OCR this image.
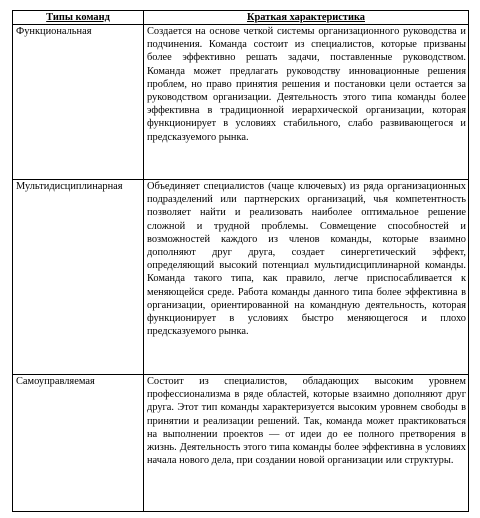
Типы команд	Краткая характеристика
Функциональная	Создается на основе четкой системы организационного руководства и подчинения. Команда состоит из специалистов, которые призваны более эффективно решать задачи, поставленные руководством. Команда может предлагать руководству инновационные решения проблем, но право принятия решения и постановки цели остается за руководством организации. Деятельность этого типа команды более эффективна в традиционной иерархической организации, которая функционирует в условиях стабильного, слабо развивающегося и предсказуемого рынка.
Мультидисциплинарная	Объединяет специалистов (чаще ключевых) из ряда организационных подразделений или партнерских организаций, чья компетентность позволяет найти и реализовать наиболее оптимальное решение сложной и трудной проблемы. Совмещение способностей и возможностей каждого из членов команды, которые взаимно дополняют друг друга, создает синергетический эффект, определяющий высокий потенциал мультидисциплинарной команды. Команда такого типа, как правило, легче приспосабливается к меняющейся среде. Работа команды данного типа более эффективна в организации, ориентированной на командную деятельность, которая функционирует в условиях быстро меняющегося и плохо предсказуемого рынка.
Самоуправляемая	Состоит из специалистов, обладающих высоким уровнем профессионализма в ряде областей, которые взаимно дополняют друг друга. Этот тип команды характеризуется высоким уровнем свободы в принятии и реализации решений. Так, команда может практиковаться на выполнении проектов — от идеи до ее полного претворения в жизнь. Деятельность этого типа команды более эффективна в условиях начала нового дела, при создании новой организации или структуры.
